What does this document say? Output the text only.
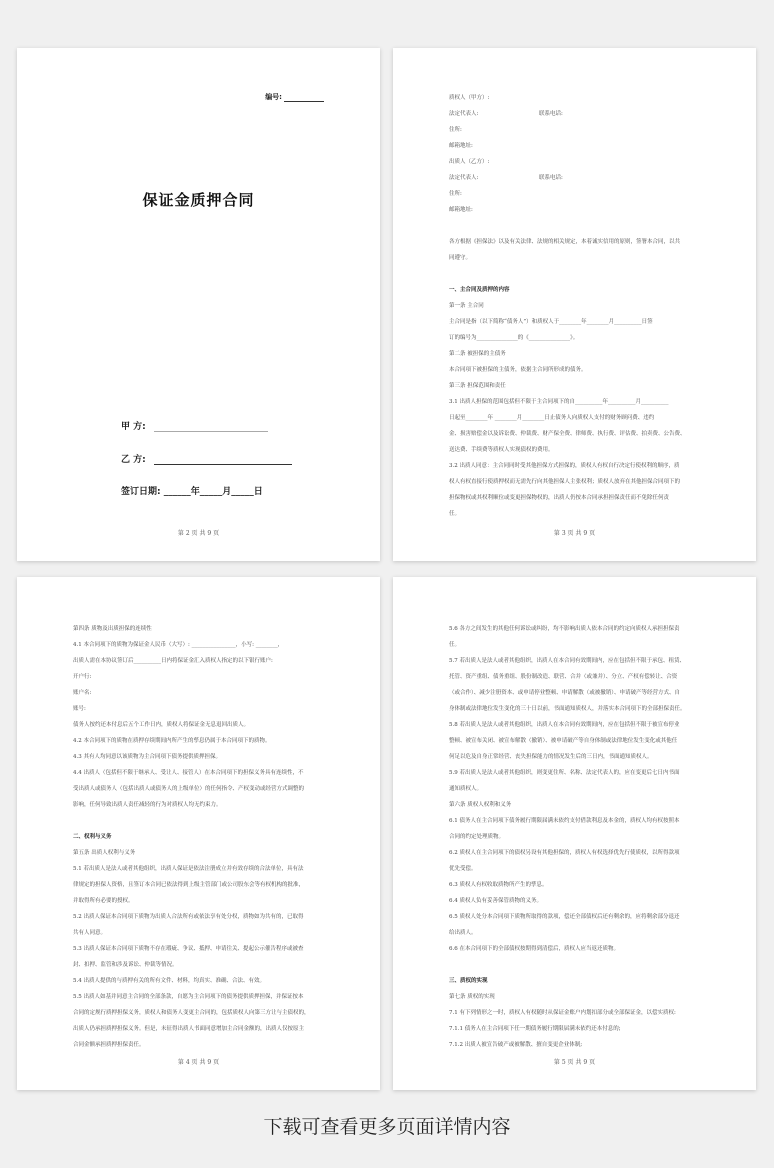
编号:
保证金质押合同
甲 方:
乙 方:
签订日期: ______年_____月_____日
第 2 页 共 9 页

质权人（甲方）:

法定代表人:	联系电话:

住所:

邮箱地址:

出质人（乙方）:

法定代表人:	联系电话:

住所:

邮箱地址:

各方根据《担保法》以及有关法律、法规的相关规定，本着诚实信用的原则，签署本合同，以共

同遵守。

一、主合同及质押的内容

第一条 主合同

主合同是指（以下简称“债务人”）和质权人于________年________月__________日签

订的编号为_______________的《_______________》。

第二条 被担保的主债务

本合同项下被担保的主债务，依据主合同所形成的债务。

第三条 担保范围和责任

3.1 出质人担保的范围包括但不限于主合同项下的自__________年__________月__________

日起至________年 ________月________日止债务人向质权人支付的财务顾问费、违约

金、损害赔偿金以及诉讼费、仲裁费、财产保全费、律师费、执行费、评估费、拍卖费、公告费、

送达费、手续费等质权人实现债权的费用。

3.2 出质人同意：主合同同时受其他担保方式担保的，质权人有权自行决定行使权利的顺序，质

权人有权直接行使质押权而无需先行向其他担保人主张权利；质权人放弃在其他担保合同项下的

担保物权或其权利顺位或变更担保物权的，出质人仍按本合同承担担保责任而不免除任何责

任。

第 3 页 共 9 页

第四条 质物及出质担保的连续性

4.1 本合同项下的质物为保证金人民币（大写）: ________________，小写: ________，

出质人需在本协议签订后__________日内将保证金汇入质权人指定的以下银行账户:

开户行:

账户名:

账号:

债务人按约还本付息后五个工作日内，质权人将保证金无息退回出质人。

4.2 本合同项下的质物在质押存续期间内所产生的孳息仍属于本合同项下的质物。

4.3 其有人均同意以该质物为主合同项下债务提供质押担保。

4.4 出质人（包括但不限于继承人、受让人、接管人）在本合同项下的担保义务具有连续性，不

受出质人或债务人（包括出质人或债务人的上级单位）的任何指令、产权变动或经营方式调整的

影响，任何导致出质人责任减轻的行为对质权人均无约束力。

二、权利与义务

第五条 出质人权利与义务

5.1 若出质人是法人或者其他组织，出质人保证是依法注册成立并有效存续的合法单位，具有法

律规定的担保人资格，且签订本合同已依法得到上级主管部门或公司股东会等有权机构的批准，

并取得所有必要的授权。

5.2 出质人保证本合同项下质物为出质人合法所有或依法享有处分权，质物如为共有的，已取得

共有人同意。

5.3 出质人保证本合同项下质物不存在瑕疵、争议、抵押、申请往关、提起公示催告程序或被查

封、扣押、监管和涉及诉讼、仲裁等情况。

5.4 出质人提供的与质押有关的所有文件、材料，均真实、准确、合法、有效。

5.5 出质人如基并同意主合同的全部条款，自愿为主合同项下的债务提供质押担保，并保证按本

合同的定规行质押担保义务，质权人和债务人变更主合同的，包括质权人向第三方让与主债权的，

出质人仍承担质押担保义务。但是，未征得出质人书面同意增加主合同金额的，出质人仅按原主

合同金额承担质押担保责任。

第 4 页 共 9 页

5.6 各方之间发生的其他任何诉讼或纠纷，均不影响出质人依本合同的约定向质权人承担担保责

任。

5.7 若出质人是法人或者其他组织，出质人在本合同有效期间内，应在包括但不限于承包、租赁、

托管、资产重组、债务重组、股份制改造、联营、合并（或兼并）、分立、产权有偿转让、合资

（或合作）、减少注册资本、或申请停业整顿、申请解散（或被撤销）、申请破产等经营方式、自

身体制或法律地位发生变化的三十日以前，书面通知质权人，并落实本合同项下的全部担保责任。

5.8 若出质人是法人或者其他组织，出质人在本合同有效期间内，应在包括但不限于被宣布停业

整顿、被宣布关闭、被宣布解散（撤销）、被申请破产等自身体制或法律地位发生变化或其他任

何足以危及自身正常经营、丧失担保能力的情况发生后的三日内，书面通知质权人。

5.9 若出质人是法人或者其他组织，则变更住所、名称、法定代表人的，应在变更后七日内书面

通知质权人。

第六条 质权人权利和义务

6.1 债务人在主合同项下债务履行期限届满未依约支付借款利息及本金的，质权人均有权按照本

合同的约定处理质物。

6.2 质权人在主合同项下的债权另设有其他担保的，质权人有权选择优先行使质权，以所得款项

优先受偿。

6.3 质权人有权收取质物所产生的孳息。

6.4 质权人负有妥善保管质物的义务。

6.5 质权人处分本合同项下质物所取得的款项，偿还全部债权后还有剩余的，应将剩余部分退还

给出质人。

6.6 在本合同项下的全部债权按期得到清偿后，质权人应当返还质物。

三、质权的实现

第七条 质权的实现

7.1 有下列情形之一时，质权人有权随时从保证金账户内划扣部分或全部保证金，以偿实质权:

7.1.1 债务人在主合同项下任一期债务履行期限届满未依约还本付息的;

7.1.2 出质人被宣告破产或被解散、擅自变更企业体制;

第 5 页 共 9 页
下载可查看更多页面详情内容
